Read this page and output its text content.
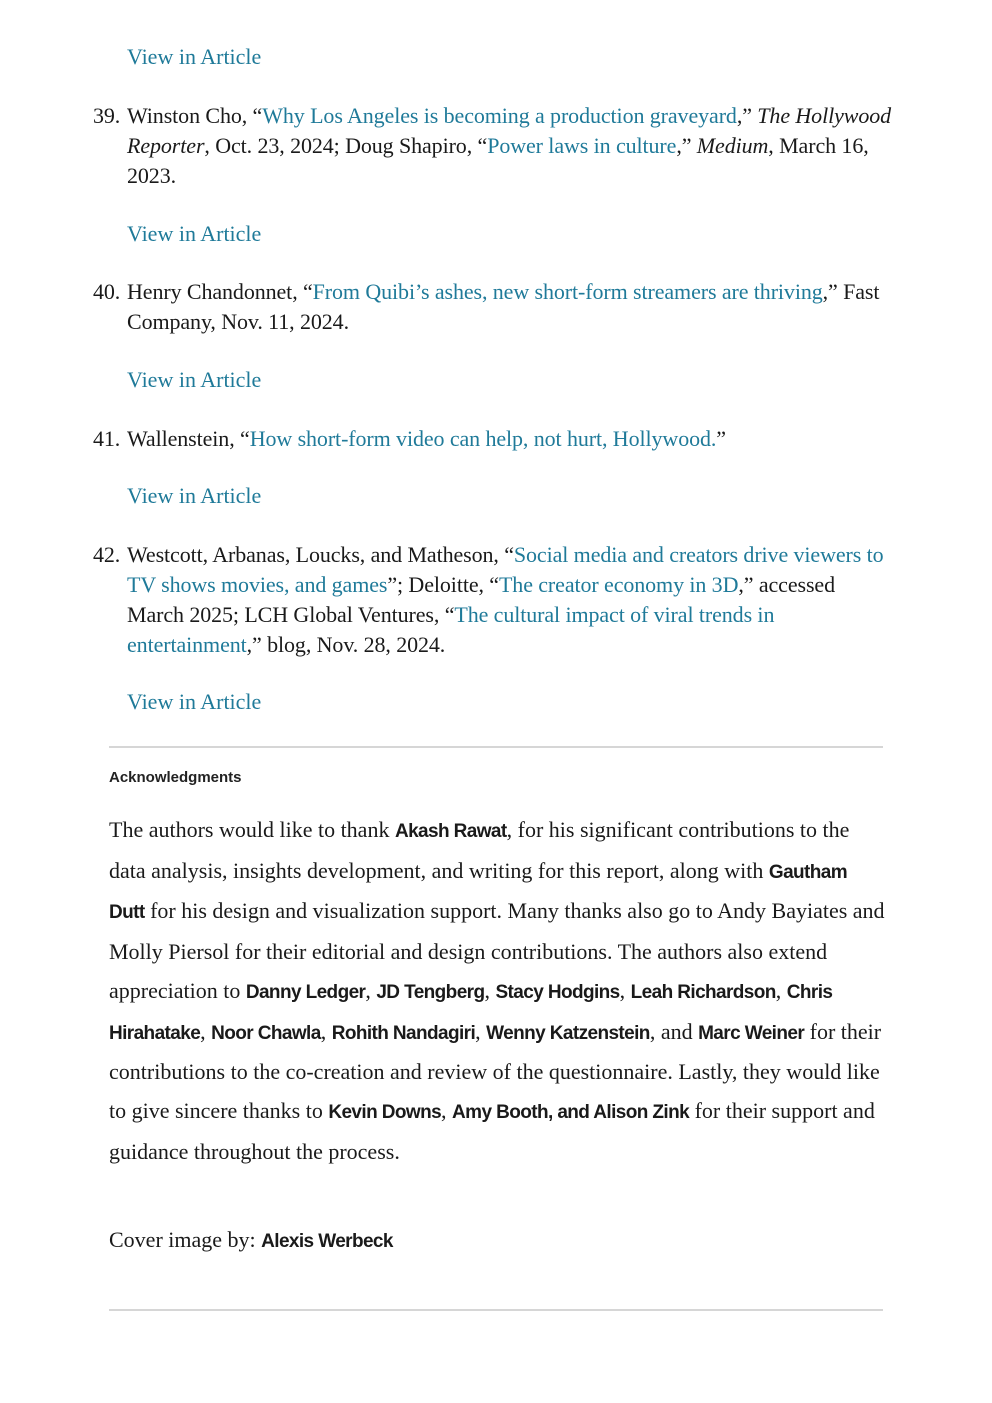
View in Article
39. Winston Cho, “Why Los Angeles is becoming a production graveyard,” The Hollywood Reporter, Oct. 23, 2024; Doug Shapiro, “Power laws in culture,” Medium, March 16, 2023.
View in Article
40. Henry Chandonnet, “From Quibi’s ashes, new short-form streamers are thriving,” Fast Company, Nov. 11, 2024.
View in Article
41. Wallenstein, “How short-form video can help, not hurt, Hollywood.”
View in Article
42. Westcott, Arbanas, Loucks, and Matheson, “Social media and creators drive viewers to TV shows movies, and games”; Deloitte, “The creator economy in 3D,” accessed March 2025; LCH Global Ventures, “The cultural impact of viral trends in entertainment,” blog, Nov. 28, 2024.
View in Article
Acknowledgments
The authors would like to thank Akash Rawat, for his significant contributions to the data analysis, insights development, and writing for this report, along with Gautham Dutt for his design and visualization support. Many thanks also go to Andy Bayiates and Molly Piersol for their editorial and design contributions. The authors also extend appreciation to Danny Ledger, JD Tengberg, Stacy Hodgins, Leah Richardson, Chris Hirahatake, Noor Chawla, Rohith Nandagiri, Wenny Katzenstein, and Marc Weiner for their contributions to the co-creation and review of the questionnaire. Lastly, they would like to give sincere thanks to Kevin Downs, Amy Booth, and Alison Zink for their support and guidance throughout the process.
Cover image by: Alexis Werbeck
